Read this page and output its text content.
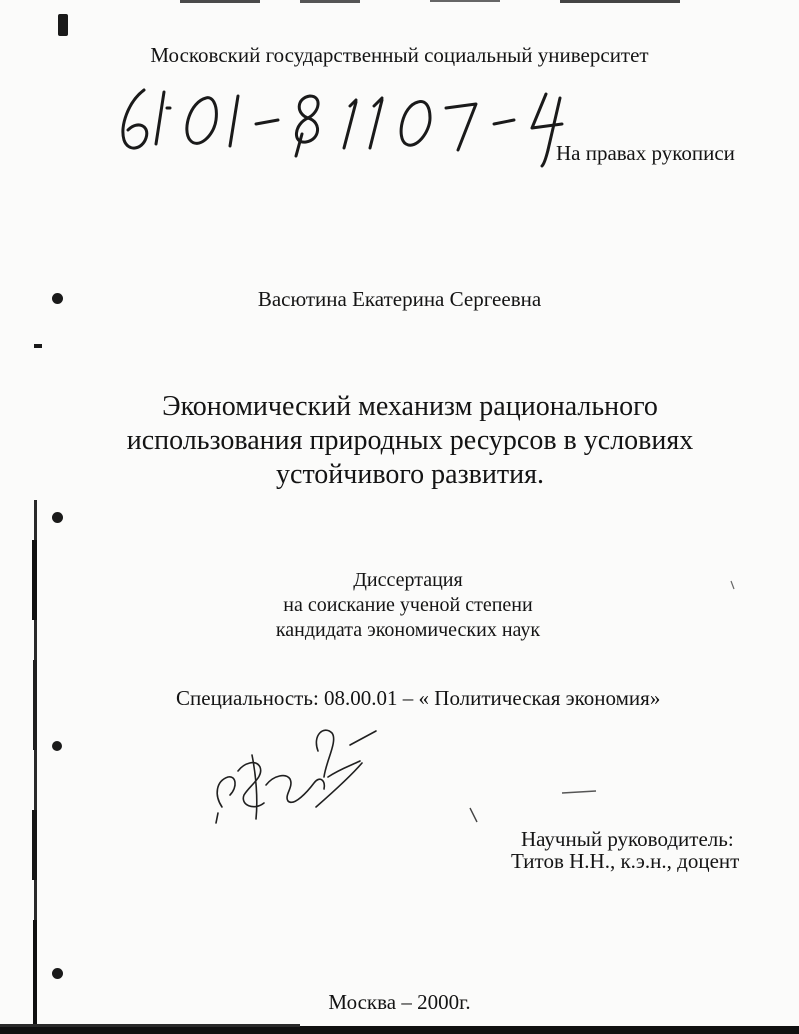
Московский государственный социальный университет
На правах рукописи
Васютина Екатерина Сергеевна
Экономический механизм рационального
использования природных ресурсов в условиях
устойчивого развития.
Диссертация
на соискание ученой степени
кандидата экономических наук
Специальность: 08.00.01 – « Политическая экономия»
Научный руководитель:
Титов Н.Н., к.э.н., доцент
Москва – 2000г.
